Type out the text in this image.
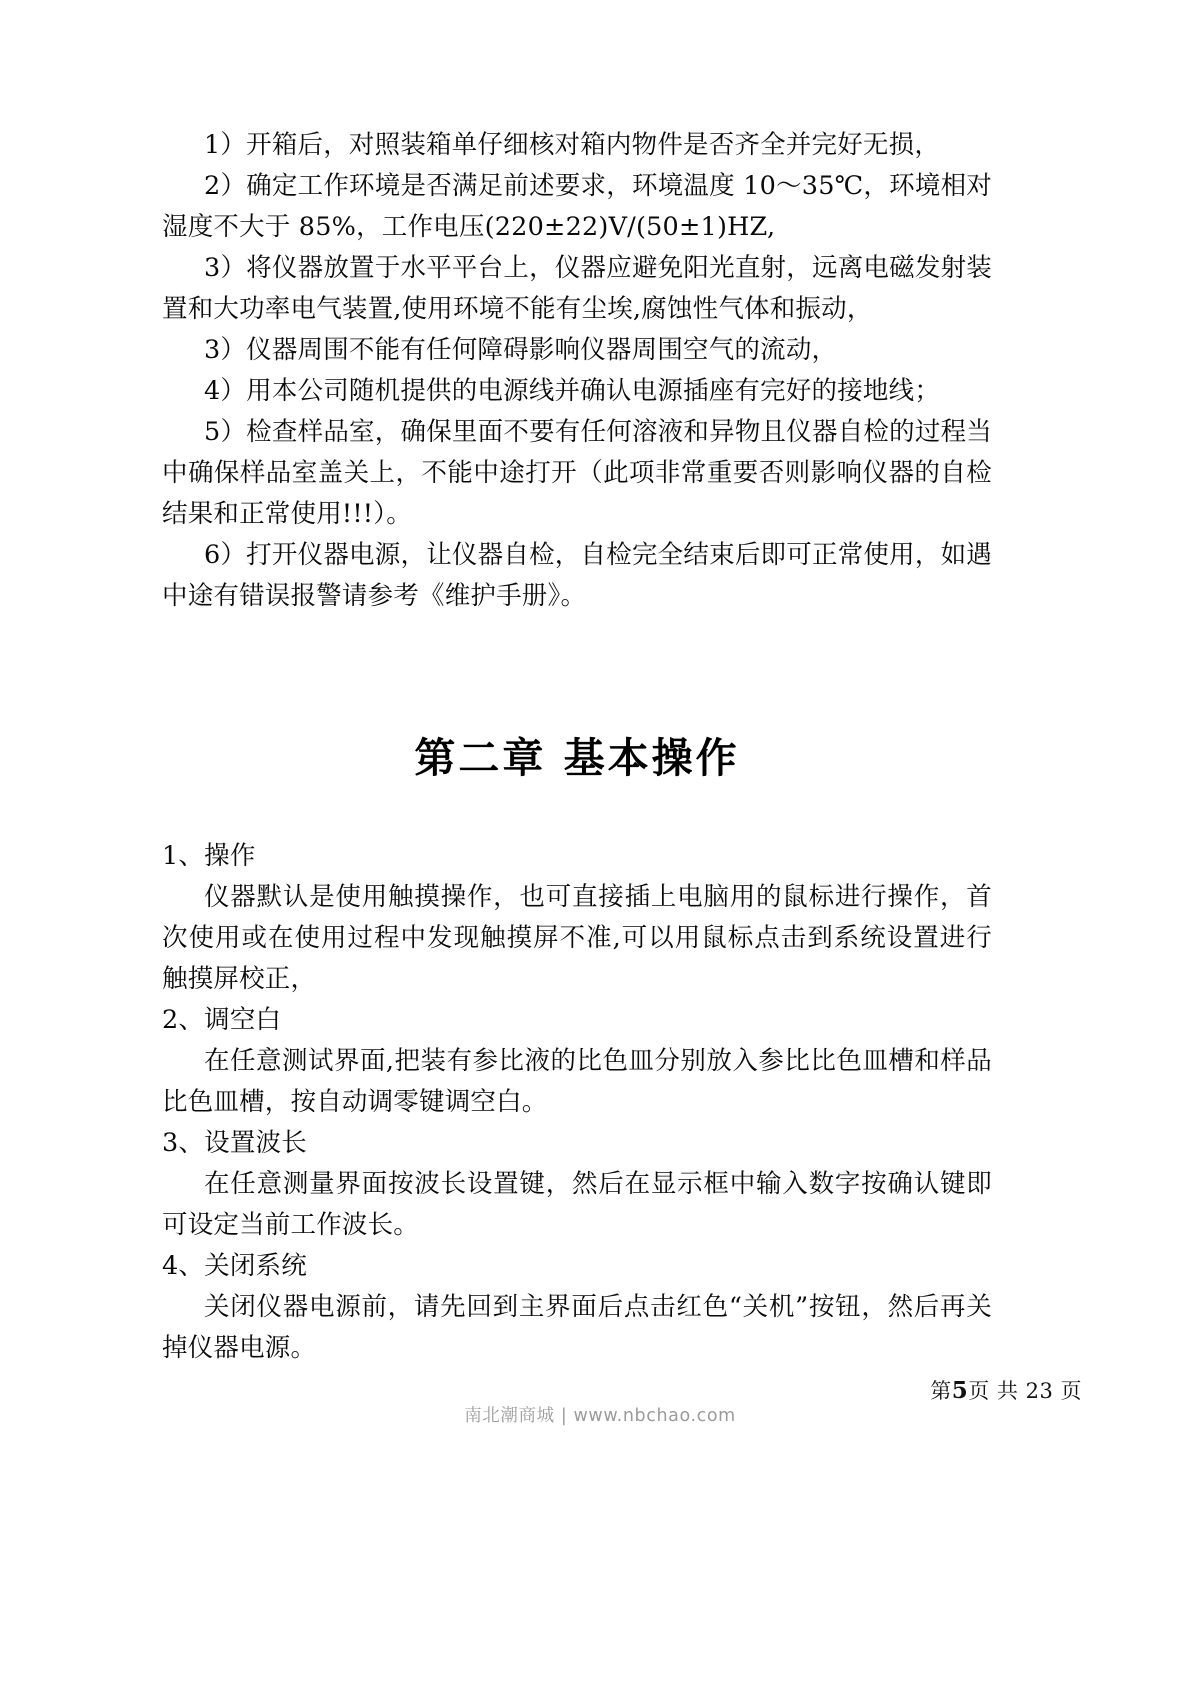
1）开箱后，对照装箱单仔细核对箱内物件是否齐全并完好无损，

2）确定工作环境是否满足前述要求，环境温度 10～35℃，环境相对湿度不大于 85%，工作电压(220±22)V/(50±1)HZ,

3）将仪器放置于水平平台上，仪器应避免阳光直射，远离电磁发射装置和大功率电气装置,使用环境不能有尘埃,腐蚀性气体和振动，

3）仪器周围不能有任何障碍影响仪器周围空气的流动，

4）用本公司随机提供的电源线并确认电源插座有完好的接地线；

5）检查样品室，确保里面不要有任何溶液和异物且仪器自检的过程当中确保样品室盖关上，不能中途打开（此项非常重要否则影响仪器的自检结果和正常使用!!!）。

6）打开仪器电源，让仪器自检，自检完全结束后即可正常使用，如遇中途有错误报警请参考《维护手册》。

第二章 基本操作

1、操作

仪器默认是使用触摸操作，也可直接插上电脑用的鼠标进行操作，首次使用或在使用过程中发现触摸屏不准,可以用鼠标点击到系统设置进行触摸屏校正，

2、调空白

在任意测试界面,把装有参比液的比色皿分别放入参比比色皿槽和样品比色皿槽，按自动调零键调空白。

3、设置波长

在任意测量界面按波长设置键，然后在显示框中输入数字按确认键即可设定当前工作波长。

4、关闭系统

关闭仪器电源前，请先回到主界面后点击红色“关机”按钮，然后再关掉仪器电源。

第5页 共 23 页
南北潮商城 | www.nbchao.com
